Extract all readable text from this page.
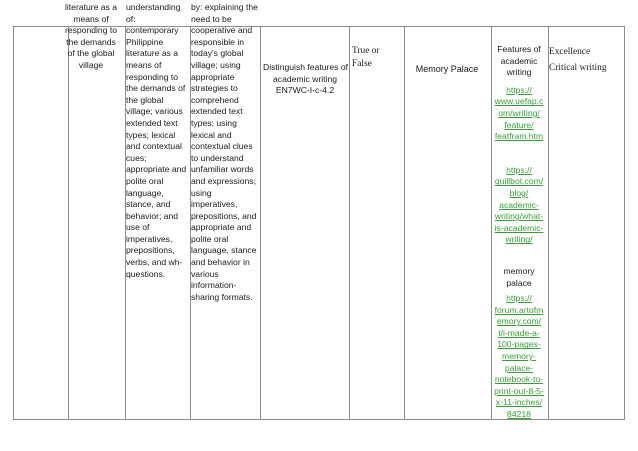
literature as a
means of
responding to
the demands
of the global
village
understanding
of:
contemporary
Philippine
literature as a
means of
responding to
the demands of
the global
village; various
extended text
types; lexical
and contextual
cues;
appropriate and
polite oral
language,
stance, and
behavior; and
use of
imperatives,
prepositions,
verbs, and wh-
questions.
by: explaining the
need to be
cooperative and
responsible in
today's global
village; using
appropriate
strategies to
comprehend
extended text
types; using
lexical and
contextual clues
to understand
unfamiliar words
and expressions;
using
imperatives,
prepositions, and
appropriate and
polite oral
language, stance
and behavior in
various
information-
sharing formats.
Distinguish features of
academic writing
EN7WC-I-c-4.2
True or
False
Memory Palace
Features of
academic
writing
https://
www.uefap.c
om/writing/
feature/
featfram.htm
https://
quillbot.com/
blog/
academic-
writing/what-
is-academic-
writing/
memory
palace
https://
forum.artofm
emory.com/
t/i-made-a-
100-pages-
memory-
palace-
notebook-to-
print-out-8-5-
x-11-inches/
84218
Excellence
Critical writing
